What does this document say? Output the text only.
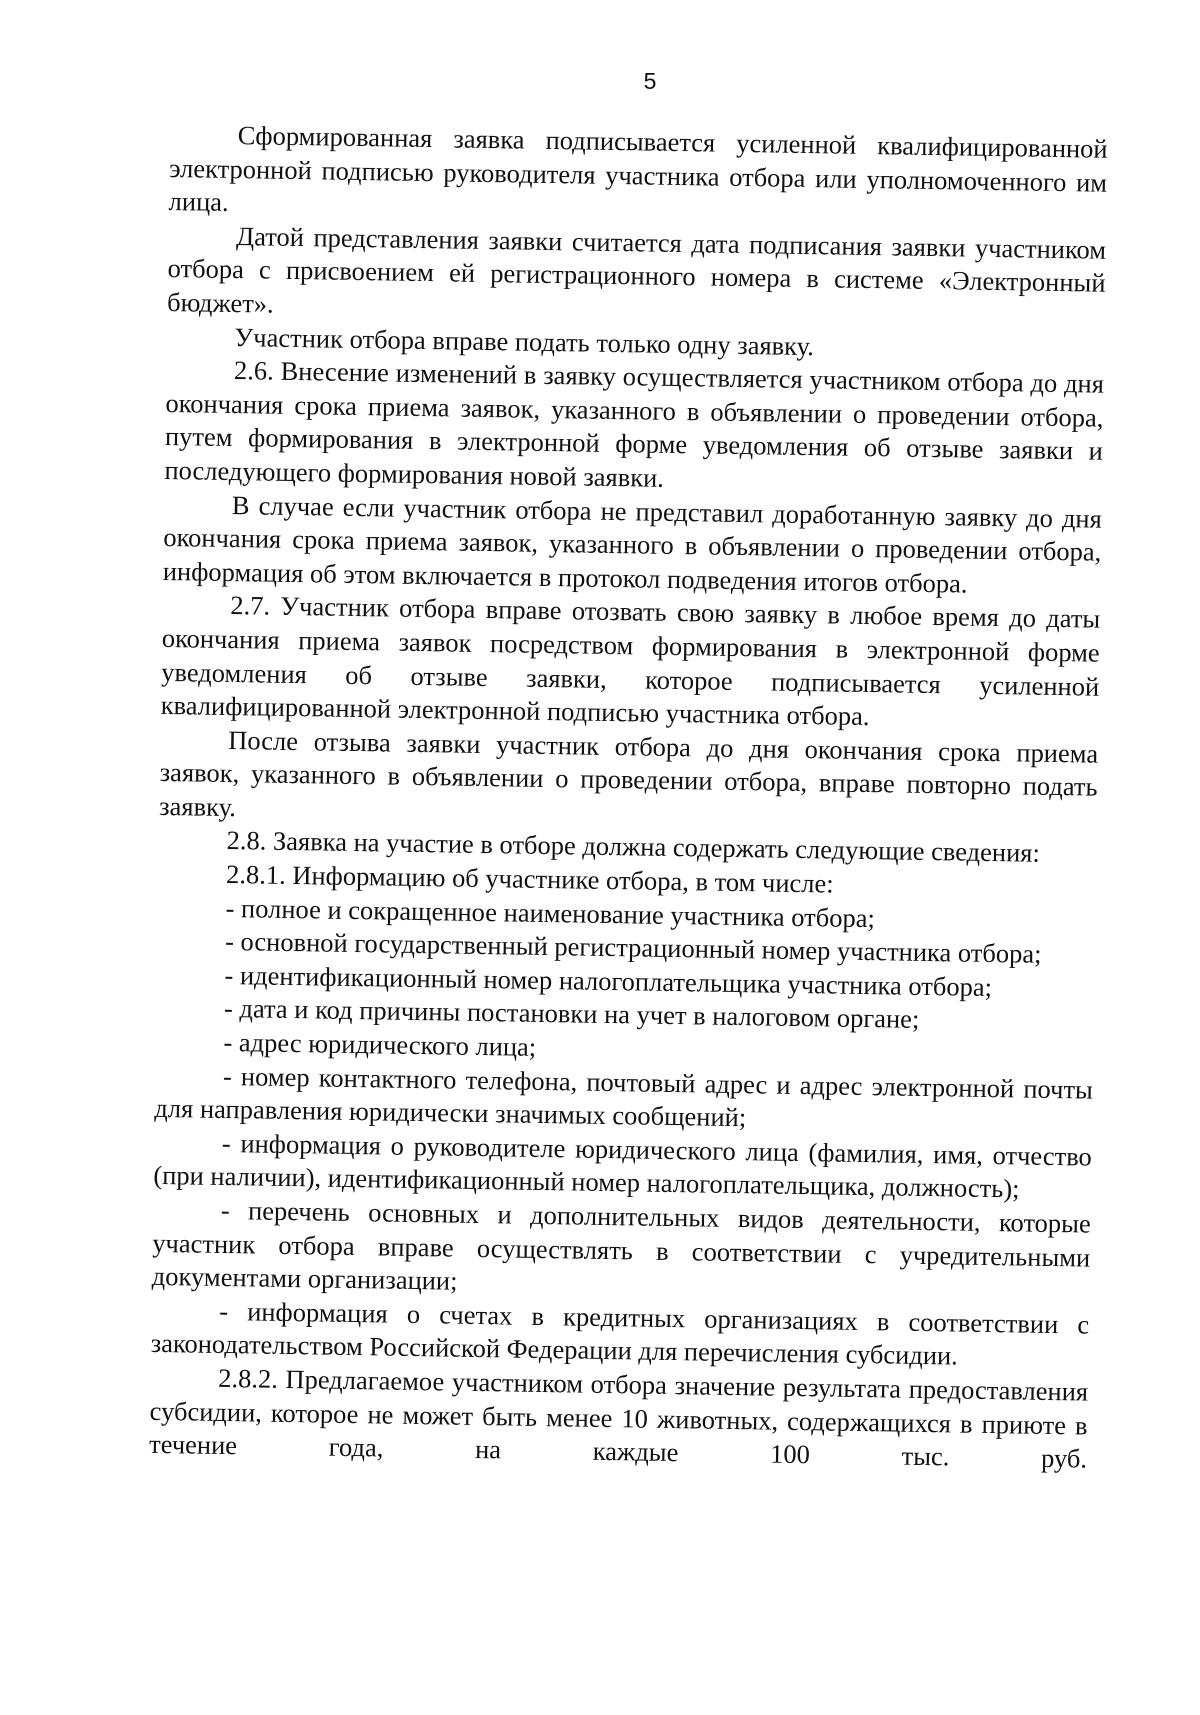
5

Сформированная заявка подписывается усиленной квалифицированной электронной подписью руководителя участника отбора или уполномоченного им лица.

Датой представления заявки считается дата подписания заявки участником отбора с присвоением ей регистрационного номера в системе «Электронный бюджет».

Участник отбора вправе подать только одну заявку.

2.6. Внесение изменений в заявку осуществляется участником отбора до дня окончания срока приема заявок, указанного в объявлении о проведении отбора, путем формирования в электронной форме уведомления об отзыве заявки и последующего формирования новой заявки.

В случае если участник отбора не представил доработанную заявку до дня окончания срока приема заявок, указанного в объявлении о проведении отбора, информация об этом включается в протокол подведения итогов отбора.

2.7. Участник отбора вправе отозвать свою заявку в любое время до даты окончания приема заявок посредством формирования в электронной форме уведомления об отзыве заявки, которое подписывается усиленной квалифицированной электронной подписью участника отбора.

После отзыва заявки участник отбора до дня окончания срока приема заявок, указанного в объявлении о проведении отбора, вправе повторно подать заявку.

2.8. Заявка на участие в отборе должна содержать следующие сведения:

2.8.1. Информацию об участнике отбора, в том числе:

- полное и сокращенное наименование участника отбора;

- основной государственный регистрационный номер участника отбора;

- идентификационный номер налогоплательщика участника отбора;

- дата и код причины постановки на учет в налоговом органе;

- адрес юридического лица;

- номер контактного телефона, почтовый адрес и адрес электронной почты для направления юридически значимых сообщений;

- информация о руководителе юридического лица (фамилия, имя, отчество (при наличии), идентификационный номер налогоплательщика, должность);

- перечень основных и дополнительных видов деятельности, которые участник отбора вправе осуществлять в соответствии с учредительными документами организации;

- информация о счетах в кредитных организациях в соответствии с законодательством Российской Федерации для перечисления субсидии.

2.8.2. Предлагаемое участником отбора значение результата предоставления субсидии, которое не может быть менее 10 животных, содержащихся в приюте в течение года, на каждые 100 тыс. руб.
